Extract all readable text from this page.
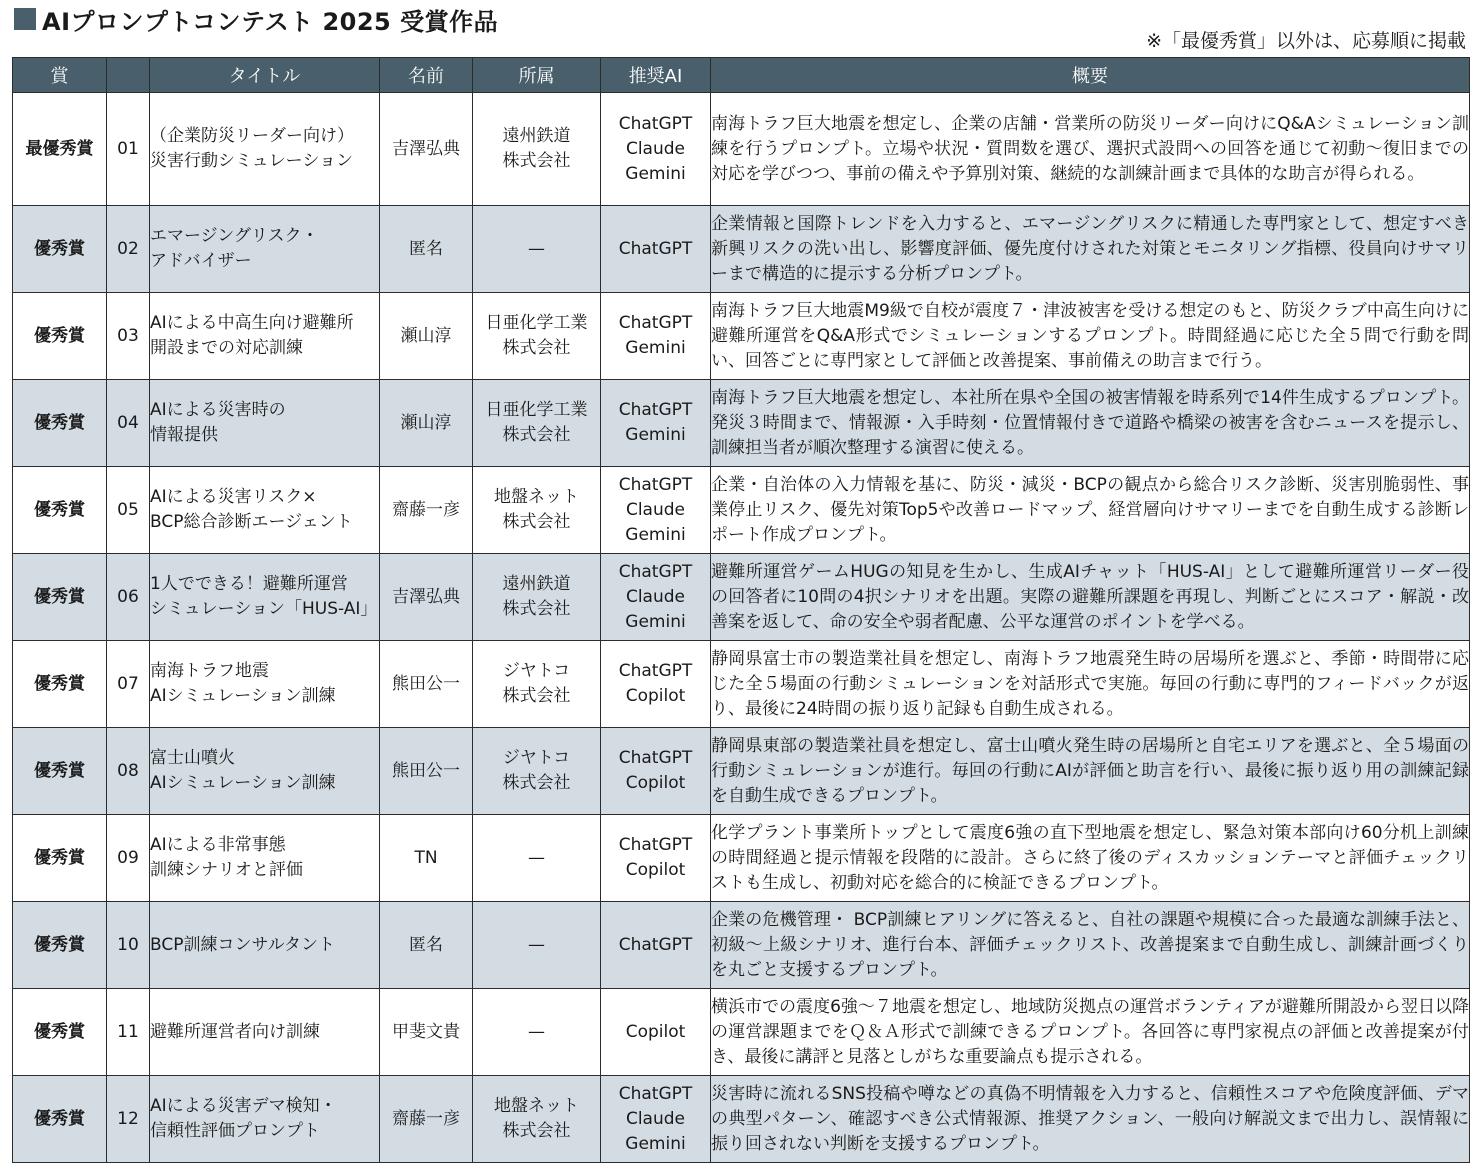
AIプロンプトコンテスト 2025 受賞作品
※「最優秀賞」以外は、応募順に掲載
賞		タイトル	名前	所属	推奨AI	概要
最優秀賞	01	（企業防災リーダー向け）
災害行動シミュレーション	吉澤弘典	遠州鉄道
株式会社	ChatGPT
Claude
Gemini	南海トラフ巨大地震を想定し、企業の店舗・営業所の防災リーダー向けにQ&Aシミュレーション訓練を行うプロンプト。立場や状況・質問数を選び、選択式設問への回答を通じて初動〜復旧までの対応を学びつつ、事前の備えや予算別対策、継続的な訓練計画まで具体的な助言が得られる。
優秀賞	02	エマージングリスク・
アドバイザー	匿名	—	ChatGPT	企業情報と国際トレンドを入力すると、エマージングリスクに精通した専門家として、想定すべき新興リスクの洗い出し、影響度評価、優先度付けされた対策とモニタリング指標、役員向けサマリーまで構造的に提示する分析プロンプト。
優秀賞	03	AIによる中高生向け避難所
開設までの対応訓練	瀬山淳	日亜化学工業
株式会社	ChatGPT
Gemini	南海トラフ巨大地震M9級で自校が震度７・津波被害を受ける想定のもと、防災クラブ中高生向けに避難所運営をQ&A形式でシミュレーションするプロンプト。時間経過に応じた全５問で行動を問い、回答ごとに専門家として評価と改善提案、事前備えの助言まで行う。
優秀賞	04	AIによる災害時の
情報提供	瀬山淳	日亜化学工業
株式会社	ChatGPT
Gemini	南海トラフ巨大地震を想定し、本社所在県や全国の被害情報を時系列で14件生成するプロンプト。発災３時間まで、情報源・入手時刻・位置情報付きで道路や橋梁の被害を含むニュースを提示し、訓練担当者が順次整理する演習に使える。
優秀賞	05	AIによる災害リスク×
BCP総合診断エージェント	齋藤一彦	地盤ネット
株式会社	ChatGPT
Claude
Gemini	企業・自治体の入力情報を基に、防災・減災・BCPの観点から総合リスク診断、災害別脆弱性、事業停止リスク、優先対策Top5や改善ロードマップ、経営層向けサマリーまでを自動生成する診断レポート作成プロンプト。
優秀賞	06	1人でできる！避難所運営
シミュレーション「HUS-AI」	吉澤弘典	遠州鉄道
株式会社	ChatGPT
Claude
Gemini	避難所運営ゲームHUGの知見を生かし、生成AIチャット「HUS-AI」として避難所運営リーダー役の回答者に10問の4択シナリオを出題。実際の避難所課題を再現し、判断ごとにスコア・解説・改善案を返して、命の安全や弱者配慮、公平な運営のポイントを学べる。
優秀賞	07	南海トラフ地震
AIシミュレーション訓練	熊田公一	ジヤトコ
株式会社	ChatGPT
Copilot	静岡県富士市の製造業社員を想定し、南海トラフ地震発生時の居場所を選ぶと、季節・時間帯に応じた全５場面の行動シミュレーションを対話形式で実施。毎回の行動に専門的フィードバックが返り、最後に24時間の振り返り記録も自動生成される。
優秀賞	08	富士山噴火
AIシミュレーション訓練	熊田公一	ジヤトコ
株式会社	ChatGPT
Copilot	静岡県東部の製造業社員を想定し、富士山噴火発生時の居場所と自宅エリアを選ぶと、全５場面の行動シミュレーションが進行。毎回の行動にAIが評価と助言を行い、最後に振り返り用の訓練記録を自動生成できるプロンプト。
優秀賞	09	AIによる非常事態
訓練シナリオと評価	TN	—	ChatGPT
Copilot	化学プラント事業所トップとして震度6強の直下型地震を想定し、緊急対策本部向け60分机上訓練の時間経過と提示情報を段階的に設計。さらに終了後のディスカッションテーマと評価チェックリストも生成し、初動対応を総合的に検証できるプロンプト。
優秀賞	10	BCP訓練コンサルタント	匿名	—	ChatGPT	企業の危機管理・ BCP訓練ヒアリングに答えると、自社の課題や規模に合った最適な訓練手法と、初級〜上級シナリオ、進行台本、評価チェックリスト、改善提案まで自動生成し、訓練計画づくりを丸ごと支援するプロンプト。
優秀賞	11	避難所運営者向け訓練	甲斐文貴	—	Copilot	横浜市での震度6強〜７地震を想定し、地域防災拠点の運営ボランティアが避難所開設から翌日以降の運営課題までをＱ＆Ａ形式で訓練できるプロンプト。各回答に専門家視点の評価と改善提案が付き、最後に講評と見落としがちな重要論点も提示される。
優秀賞	12	AIによる災害デマ検知・
信頼性評価プロンプト	齋藤一彦	地盤ネット
株式会社	ChatGPT
Claude
Gemini	災害時に流れるSNS投稿や噂などの真偽不明情報を入力すると、信頼性スコアや危険度評価、デマの典型パターン、確認すべき公式情報源、推奨アクション、一般向け解説文まで出力し、誤情報に振り回されない判断を支援するプロンプト。
